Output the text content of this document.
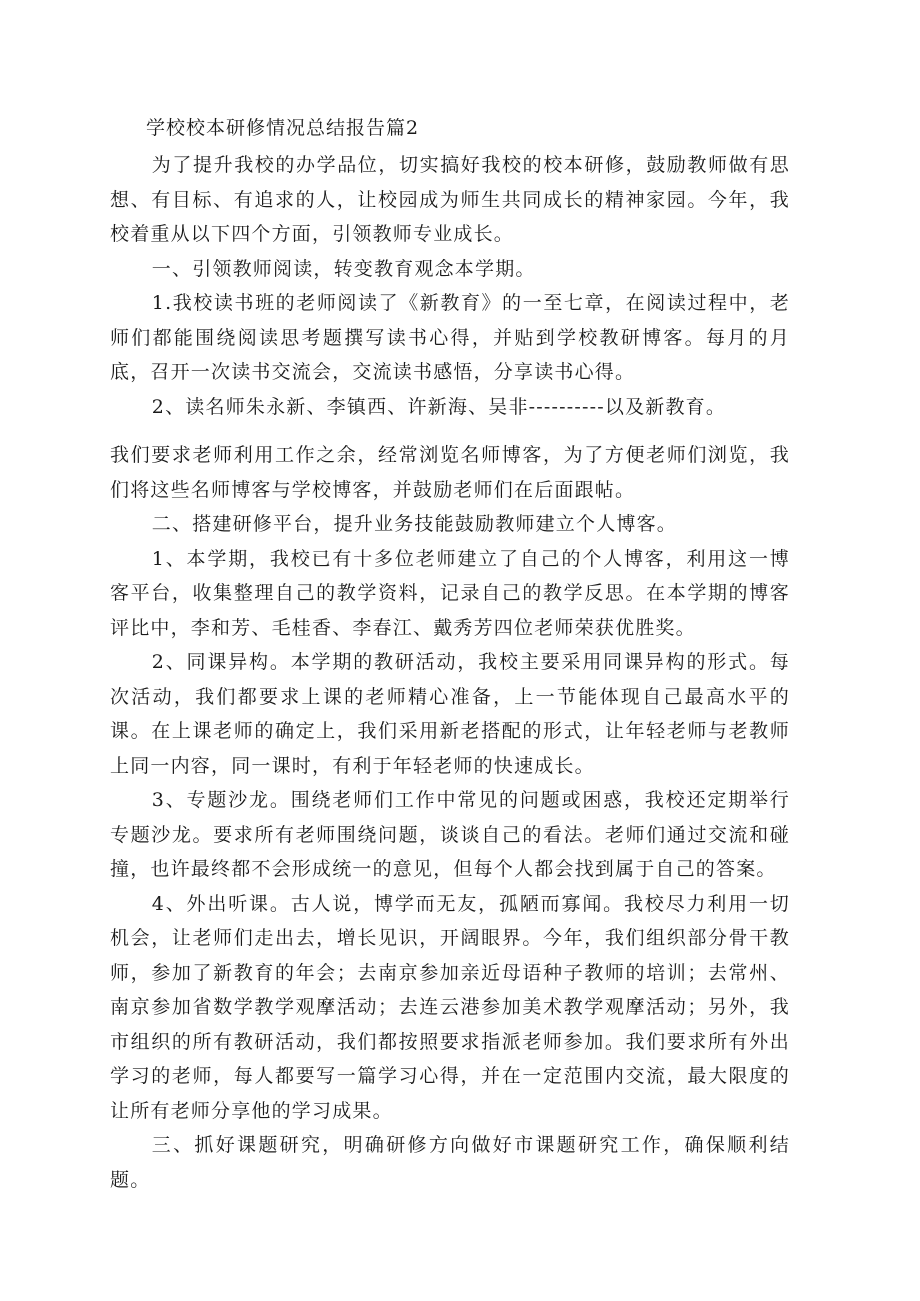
学校校本研修情况总结报告篇2

为了提升我校的办学品位，切实搞好我校的校本研修，鼓励教师做有思想、有目标、有追求的人，让校园成为师生共同成长的精神家园。今年，我校着重从以下四个方面，引领教师专业成长。

一、引领教师阅读，转变教育观念本学期。

1.我校读书班的老师阅读了《新教育》的一至七章，在阅读过程中，老师们都能围绕阅读思考题撰写读书心得，并贴到学校教研博客。每月的月底，召开一次读书交流会，交流读书感悟，分享读书心得。

2、读名师朱永新、李镇西、许新海、吴非----------以及新教育。

我们要求老师利用工作之余，经常浏览名师博客，为了方便老师们浏览，我们将这些名师博客与学校博客，并鼓励老师们在后面跟帖。

二、搭建研修平台，提升业务技能鼓励教师建立个人博客。

1、本学期，我校已有十多位老师建立了自己的个人博客，利用这一博客平台，收集整理自己的教学资料，记录自己的教学反思。在本学期的博客评比中，李和芳、毛桂香、李春江、戴秀芳四位老师荣获优胜奖。

2、同课异构。本学期的教研活动，我校主要采用同课异构的形式。每次活动，我们都要求上课的老师精心准备，上一节能体现自己最高水平的课。在上课老师的确定上，我们采用新老搭配的形式，让年轻老师与老教师上同一内容，同一课时，有利于年轻老师的快速成长。

3、专题沙龙。围绕老师们工作中常见的问题或困惑，我校还定期举行专题沙龙。要求所有老师围绕问题，谈谈自己的看法。老师们通过交流和碰撞，也许最终都不会形成统一的意见，但每个人都会找到属于自己的答案。

4、外出听课。古人说，博学而无友，孤陋而寡闻。我校尽力利用一切机会，让老师们走出去，增长见识，开阔眼界。今年，我们组织部分骨干教师，参加了新教育的年会；去南京参加亲近母语种子教师的培训；去常州、南京参加省数学教学观摩活动；去连云港参加美术教学观摩活动；另外，我市组织的所有教研活动，我们都按照要求指派老师参加。我们要求所有外出学习的老师，每人都要写一篇学习心得，并在一定范围内交流，最大限度的让所有老师分享他的学习成果。

三、抓好课题研究，明确研修方向做好市课题研究工作，确保顺利结题。
